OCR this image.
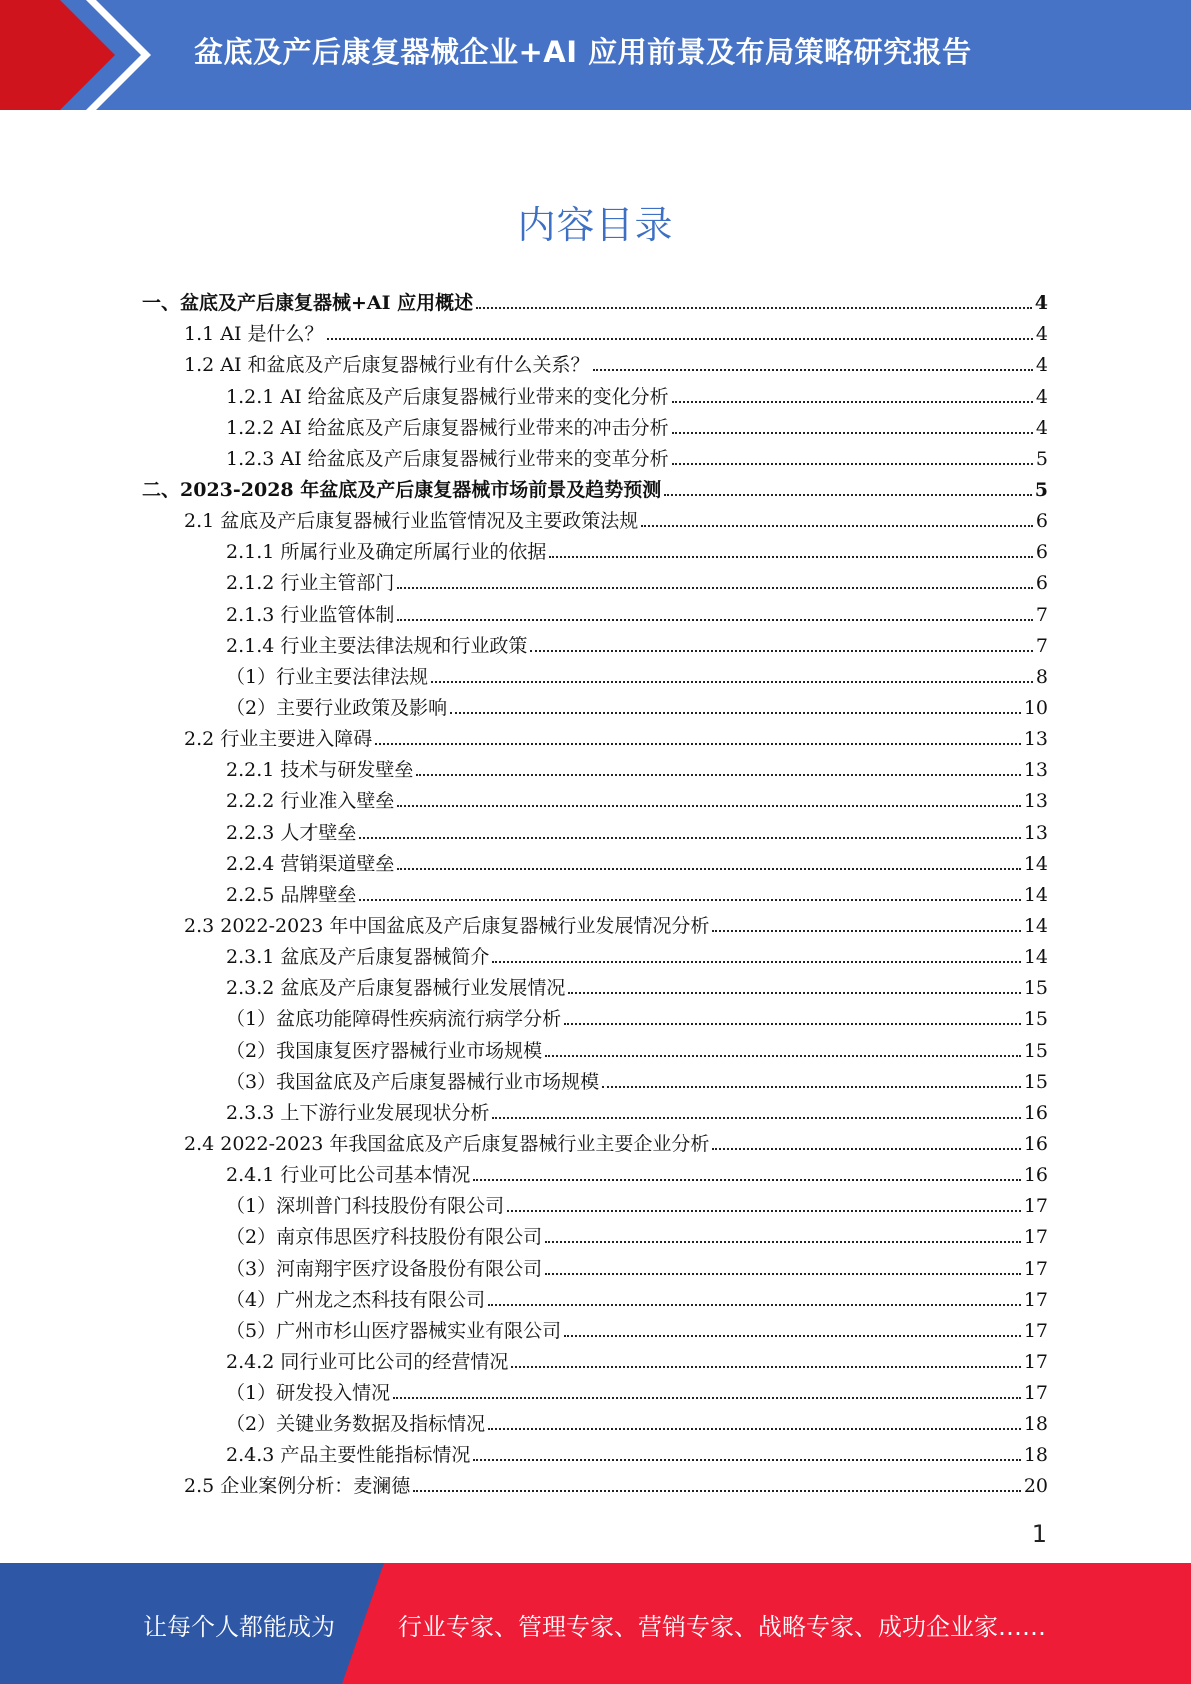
盆底及产后康复器械企业+AI 应用前景及布局策略研究报告
内容目录
一、盆底及产后康复器械+AI 应用概述	4
1.1 AI 是什么？	4
1.2 AI 和盆底及产后康复器械行业有什么关系？	4
1.2.1 AI 给盆底及产后康复器械行业带来的变化分析	4
1.2.2 AI 给盆底及产后康复器械行业带来的冲击分析	4
1.2.3 AI 给盆底及产后康复器械行业带来的变革分析	5
二、2023-2028 年盆底及产后康复器械市场前景及趋势预测	5
2.1 盆底及产后康复器械行业监管情况及主要政策法规	6
2.1.1 所属行业及确定所属行业的依据	6
2.1.2 行业主管部门	6
2.1.3 行业监管体制	7
2.1.4 行业主要法律法规和行业政策	7
（1）行业主要法律法规	8
（2）主要行业政策及影响	10
2.2 行业主要进入障碍	13
2.2.1 技术与研发壁垒	13
2.2.2 行业准入壁垒	13
2.2.3 人才壁垒	13
2.2.4 营销渠道壁垒	14
2.2.5 品牌壁垒	14
2.3 2022-2023 年中国盆底及产后康复器械行业发展情况分析	14
2.3.1 盆底及产后康复器械简介	14
2.3.2 盆底及产后康复器械行业发展情况	15
（1）盆底功能障碍性疾病流行病学分析	15
（2）我国康复医疗器械行业市场规模	15
（3）我国盆底及产后康复器械行业市场规模	15
2.3.3 上下游行业发展现状分析	16
2.4 2022-2023 年我国盆底及产后康复器械行业主要企业分析	16
2.4.1 行业可比公司基本情况	16
（1）深圳普门科技股份有限公司	17
（2）南京伟思医疗科技股份有限公司	17
（3）河南翔宇医疗设备股份有限公司	17
（4）广州龙之杰科技有限公司	17
（5）广州市杉山医疗器械实业有限公司	17
2.4.2 同行业可比公司的经营情况	17
（1）研发投入情况	17
（2）关键业务数据及指标情况	18
2.4.3 产品主要性能指标情况	18
2.5 企业案例分析：麦澜德	20
1
让每个人都能成为	行业专家、管理专家、营销专家、战略专家、成功企业家……
